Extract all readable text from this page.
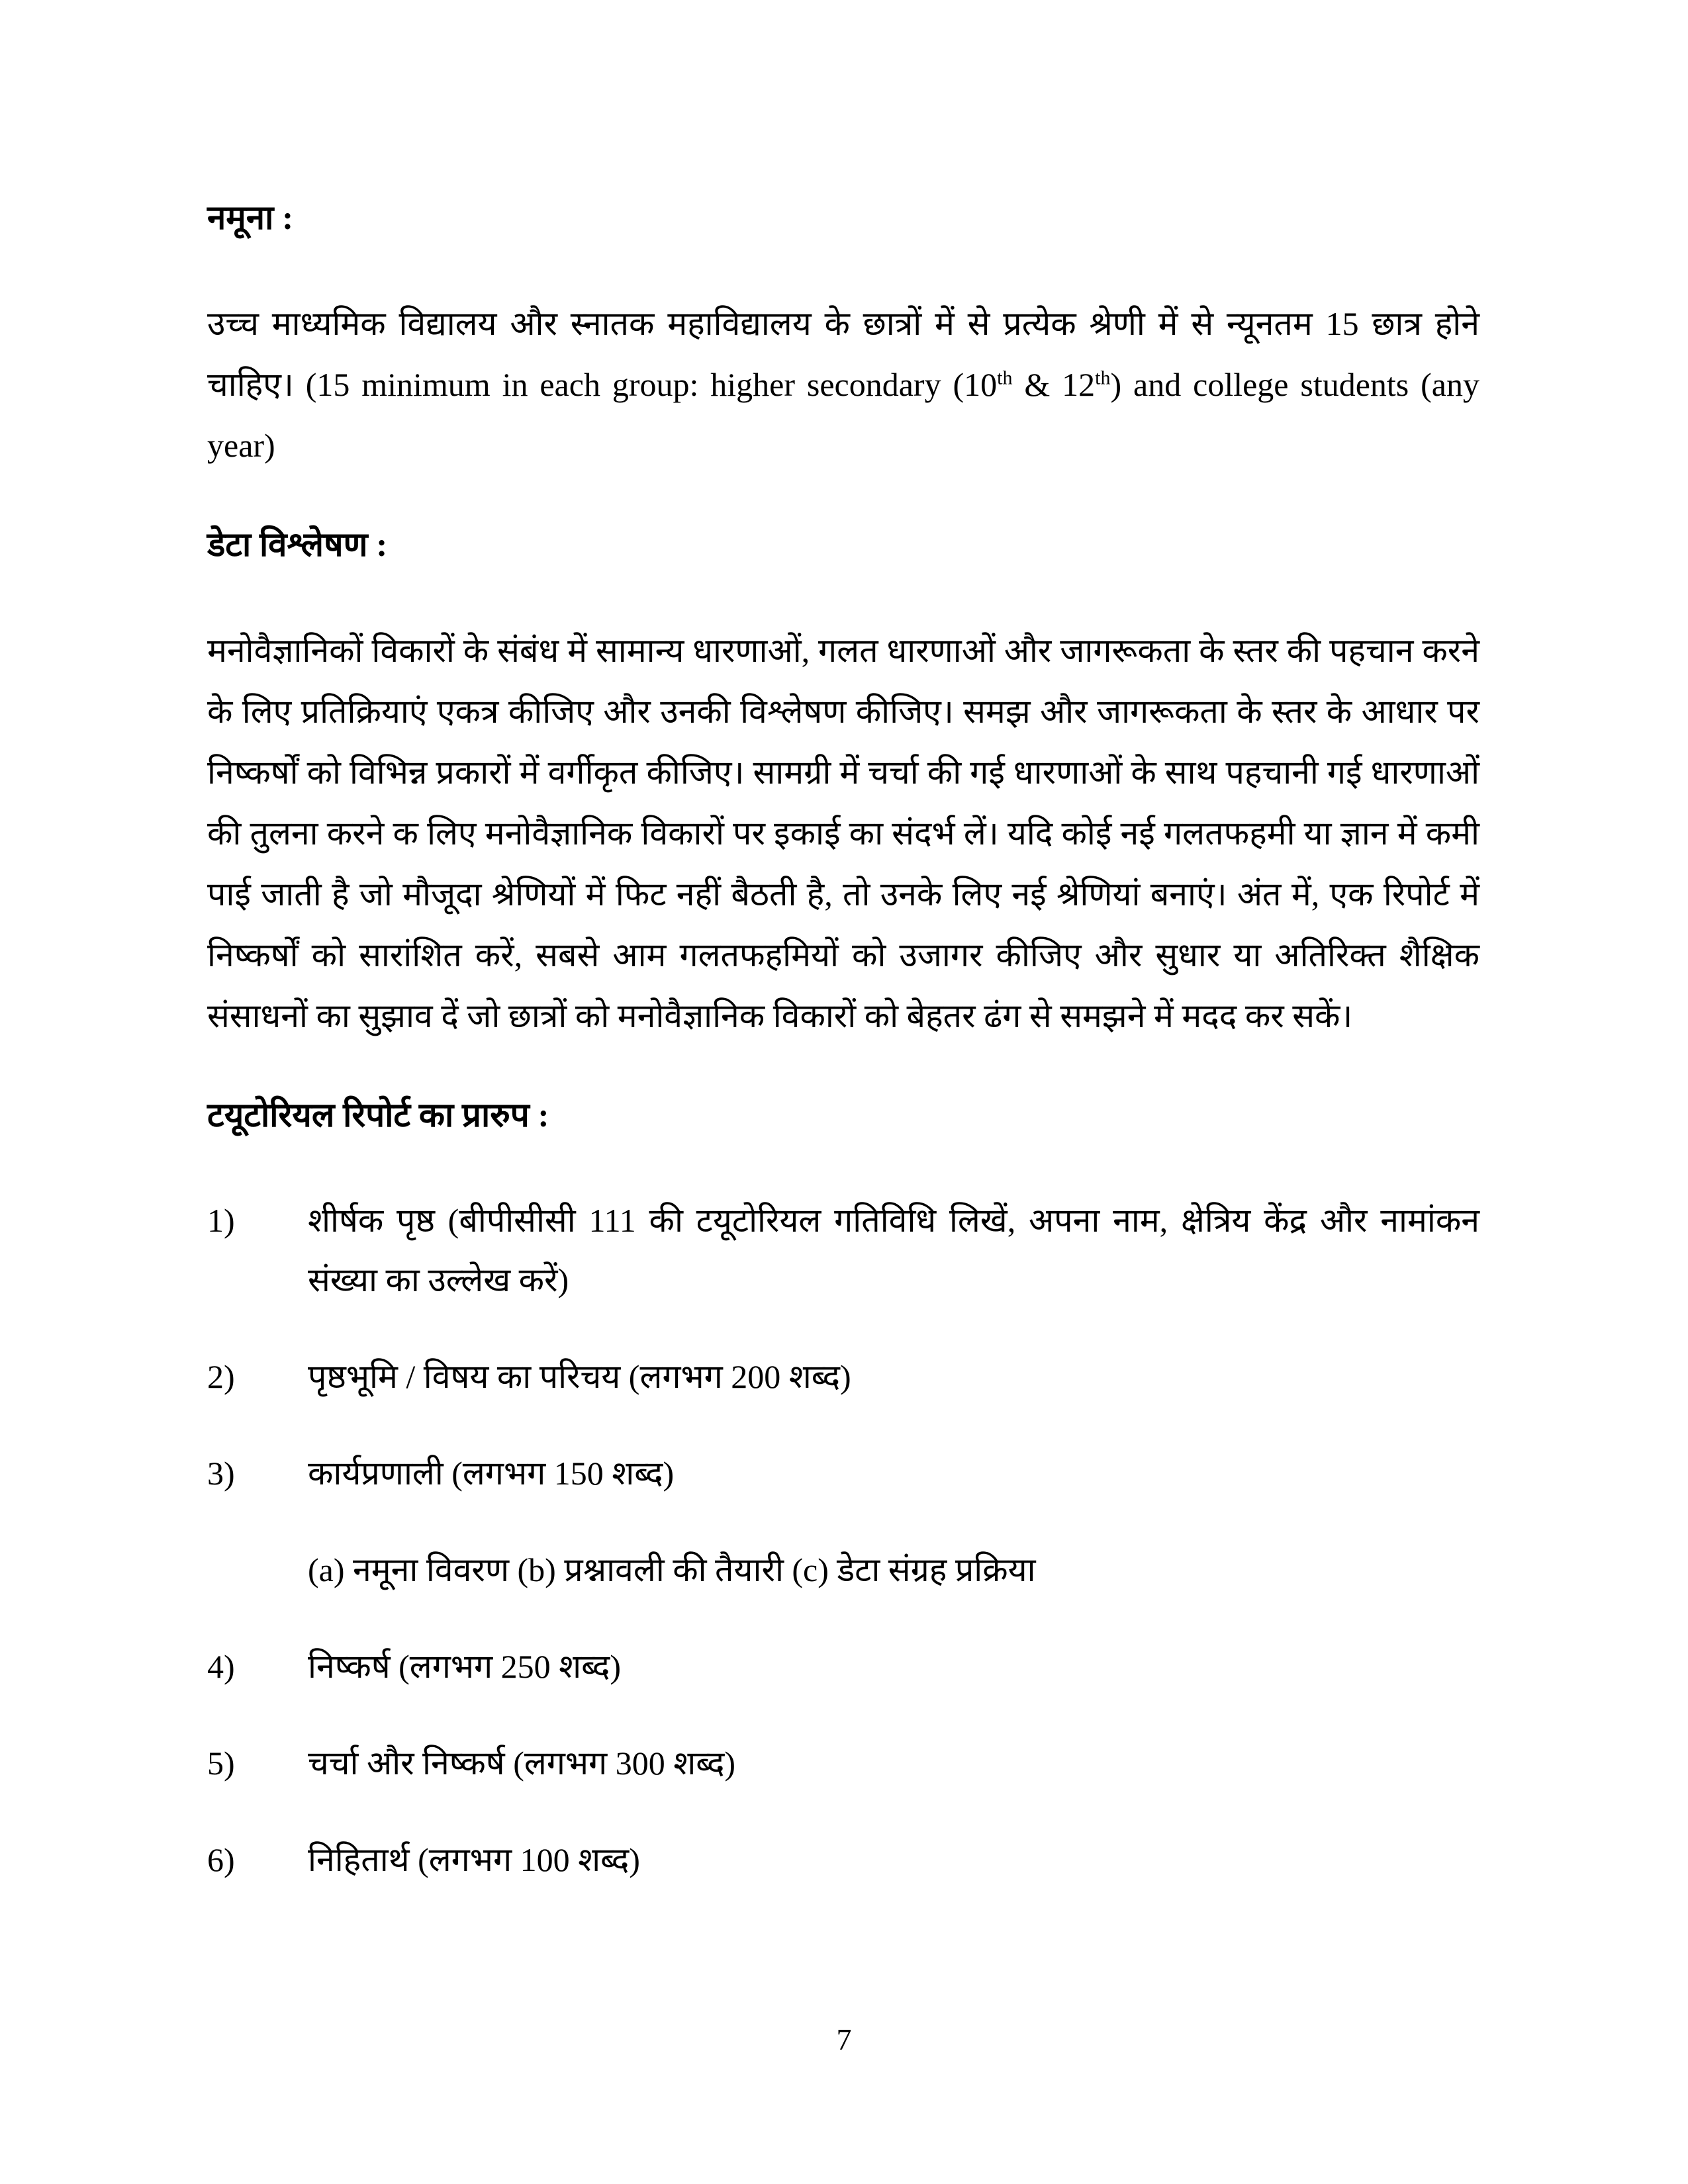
नमूना :
उच्च माध्यमिक विद्यालय और स्नातक महाविद्यालय के छात्रों में से प्रत्येक श्रेणी में से न्यूनतम 15 छात्र होने चाहिए। (15 minimum in each group: higher secondary (10th & 12th) and college students (any year)
डेटा विश्लेषण :
मनोवैज्ञानिकों विकारों के संबंध में सामान्य धारणाओं, गलत धारणाओं और जागरूकता के स्तर की पहचान करने के लिए प्रतिक्रियाएं एकत्र कीजिए और उनकी विश्लेषण कीजिए। समझ और जागरूकता के स्तर के आधार पर निष्कर्षों को विभिन्न प्रकारों में वर्गीकृत कीजिए। सामग्री में चर्चा की गई धारणाओं के साथ पहचानी गई धारणाओं की तुलना करने क लिए मनोवैज्ञानिक विकारों पर इकाई का संदर्भ लें। यदि कोई नई गलतफहमी या ज्ञान में कमी पाई जाती है जो मौजूदा श्रेणियों में फिट नहीं बैठती है, तो उनके लिए नई श्रेणियां बनाएं। अंत में, एक रिपोर्ट में निष्कर्षों को सारांशित करें, सबसे आम गलतफहमियों को उजागर कीजिए और सुधार या अतिरिक्त शैक्षिक संसाधनों का सुझाव दें जो छात्रों को मनोवैज्ञानिक विकारों को बेहतर ढंग से समझने में मदद कर सकें।
टयूटोरियल रिपोर्ट का प्रारुप :
1)	शीर्षक पृष्ठ (बीपीसीसी 111 की टयूटोरियल गतिविधि लिखें, अपना नाम, क्षेत्रिय केंद्र और नामांकन संख्या का उल्लेख करें)
2)	पृष्ठभूमि / विषय का परिचय (लगभग 200 शब्द)
3)	कार्यप्रणाली (लगभग 150 शब्द)
(a) नमूना विवरण (b) प्रश्नावली की तैयारी (c) डेटा संग्रह प्रक्रिया
4)	निष्कर्ष (लगभग 250 शब्द)
5)	चर्चा और निष्कर्ष (लगभग 300 शब्द)
6)	निहितार्थ (लगभग 100 शब्द)
7
